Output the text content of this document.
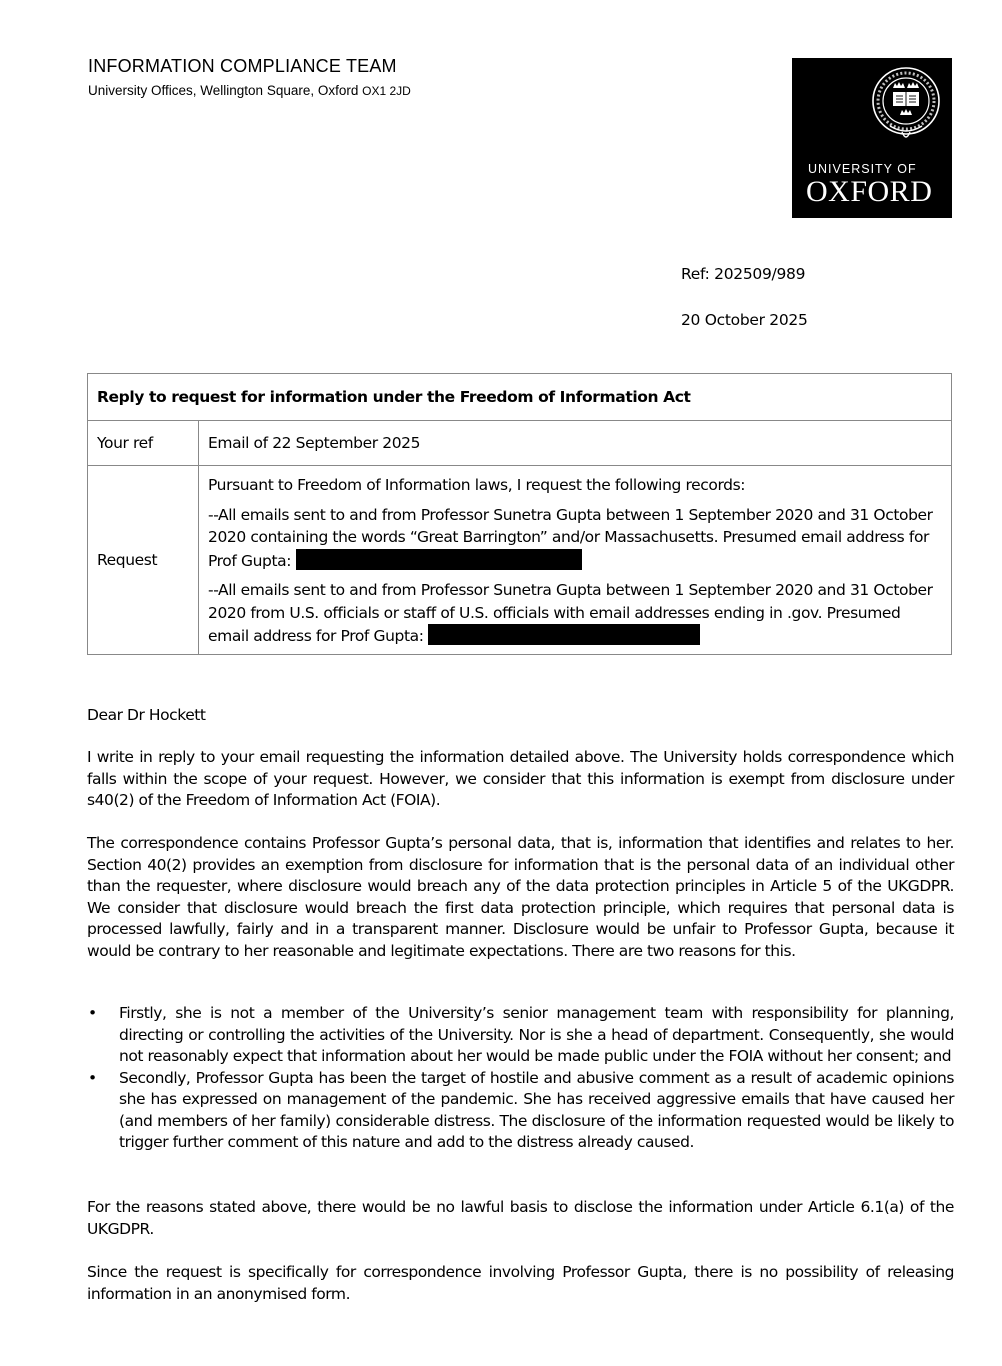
INFORMATION COMPLIANCE TEAM
University Offices, Wellington Square, Oxford OX1 2JD
UNIVERSITY OF
OXFORD
Ref: 202509/989
20 October 2025
Reply to request for information under the Freedom of Information Act
Your ref	Email of 22 September 2025
Request

Pursuant to Freedom of Information laws, I request the following records:

--All emails sent to and from Professor Sunetra Gupta between 1 September 2020 and 31 October 2020 containing the words “Great Barrington” and/or Massachusetts. Presumed email address for Prof Gupta:

--All emails sent to and from Professor Sunetra Gupta between 1 September 2020 and 31 October 2020 from U.S. officials or staff of U.S. officials with email addresses ending in .gov. Presumed email address for Prof Gupta:

Dear Dr Hockett

I write in reply to your email requesting the information detailed above. The University holds correspondence which falls within the scope of your request. However, we consider that this information is exempt from disclosure under s40(2) of the Freedom of Information Act (FOIA).

The correspondence contains Professor Gupta’s personal data, that is, information that identifies and relates to her. Section 40(2) provides an exemption from disclosure for information that is the personal data of an individual other than the requester, where disclosure would breach any of the data protection principles in Article 5 of the UKGDPR. We consider that disclosure would breach the first data protection principle, which requires that personal data is processed lawfully, fairly and in a transparent manner. Disclosure would be unfair to Professor Gupta, because it would be contrary to her reasonable and legitimate expectations. There are two reasons for this.

• Firstly, she is not a member of the University’s senior management team with responsibility for planning, directing or controlling the activities of the University. Nor is she a head of department. Consequently, she would not reasonably expect that information about her would be made public under the FOIA without her consent; and
• Secondly, Professor Gupta has been the target of hostile and abusive comment as a result of academic opinions she has expressed on management of the pandemic. She has received aggressive emails that have caused her (and members of her family) considerable distress. The disclosure of the information requested would be likely to trigger further comment of this nature and add to the distress already caused.

For the reasons stated above, there would be no lawful basis to disclose the information under Article 6.1(a) of the UKGDPR.

Since the request is specifically for correspondence involving Professor Gupta, there is no possibility of releasing information in an anonymised form.
